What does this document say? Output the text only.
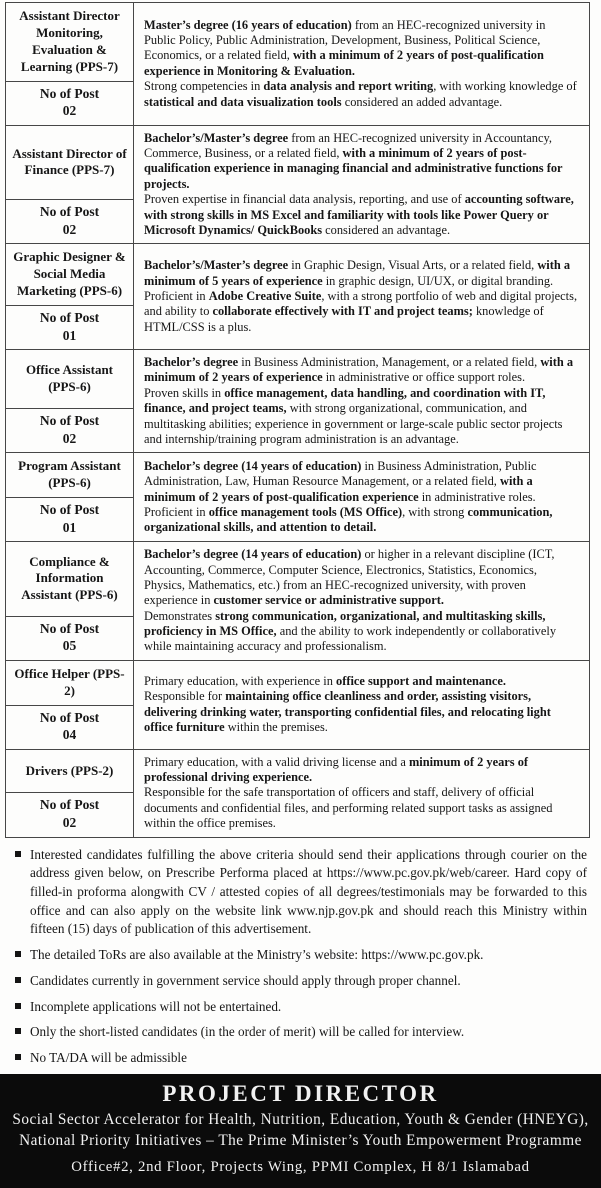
Assistant Director Monitoring, Evaluation & Learning (PPS-7)
No of Post
02

Master’s degree (16 years of education) from an HEC-recognized university in Public Policy, Public Administration, Development, Business, Political Science, Economics, or a related field, with a minimum of 2 years of post-qualification experience in Monitoring & Evaluation.

Strong competencies in data analysis and report writing, with working knowledge of statistical and data visualization tools considered an added advantage.

Assistant Director of Finance (PPS-7)
No of Post
02

Bachelor’s/Master’s degree from an HEC-recognized university in Accountancy, Commerce, Business, or a related field, with a minimum of 2 years of post-qualification experience in managing financial and administrative functions for projects.

Proven expertise in financial data analysis, reporting, and use of accounting software, with strong skills in MS Excel and familiarity with tools like Power Query or Microsoft Dynamics/ QuickBooks considered an advantage.

Graphic Designer & Social Media Marketing (PPS-6)
No of Post
01

Bachelor’s/Master’s degree in Graphic Design, Visual Arts, or a related field, with a minimum of 5 years of experience in graphic design, UI/UX, or digital branding.

Proficient in Adobe Creative Suite, with a strong portfolio of web and digital projects, and ability to collaborate effectively with IT and project teams; knowledge of HTML/CSS is a plus.

Office Assistant (PPS-6)
No of Post
02

Bachelor’s degree in Business Administration, Management, or a related field, with a minimum of 2 years of experience in administrative or office support roles.

Proven skills in office management, data handling, and coordination with IT, finance, and project teams, with strong organizational, communication, and multitasking abilities; experience in government or large-scale public sector projects and internship/training program administration is an advantage.

Program Assistant (PPS-6)
No of Post
01

Bachelor’s degree (14 years of education) in Business Administration, Public Administration, Law, Human Resource Management, or a related field, with a minimum of 2 years of post-qualification experience in administrative roles.

Proficient in office management tools (MS Office), with strong communication, organizational skills, and attention to detail.

Compliance & Information Assistant (PPS-6)
No of Post
05

Bachelor’s degree (14 years of education) or higher in a relevant discipline (ICT, Accounting, Commerce, Computer Science, Electronics, Statistics, Economics, Physics, Mathematics, etc.) from an HEC-recognized university, with proven experience in customer service or administrative support.

Demonstrates strong communication, organizational, and multitasking skills, proficiency in MS Office, and the ability to work independently or collaboratively while maintaining accuracy and professionalism.

Office Helper (PPS-2)
No of Post
04

Primary education, with experience in office support and maintenance.

Responsible for maintaining office cleanliness and order, assisting visitors, delivering drinking water, transporting confidential files, and relocating light office furniture within the premises.

Drivers (PPS-2)
No of Post
02

Primary education, with a valid driving license and a minimum of 2 years of professional driving experience.

Responsible for the safe transportation of officers and staff, delivery of official documents and confidential files, and performing related support tasks as assigned within the office premises.

Interested candidates fulfilling the above criteria should send their applications through courier on the address given below, on Prescribe Performa placed at https://www.pc.gov.pk/web/career. Hard copy of filled-in proforma alongwith CV / attested copies of all degrees/testimonials may be forwarded to this office and can also apply on the website link www.njp.gov.pk and should reach this Ministry within fifteen (15) days of publication of this advertisement.
The detailed ToRs are also available at the Ministry’s website: https://www.pc.gov.pk.
Candidates currently in government service should apply through proper channel.
Incomplete applications will not be entertained.
Only the short-listed candidates (in the order of merit) will be called for interview.
No TA/DA will be admissible
PROJECT DIRECTOR
Social Sector Accelerator for Health, Nutrition, Education, Youth & Gender (HNEYG),
National Priority Initiatives – The Prime Minister’s Youth Empowerment Programme
Office#2, 2nd Floor, Projects Wing, PPMI Complex, H 8/1 Islamabad
